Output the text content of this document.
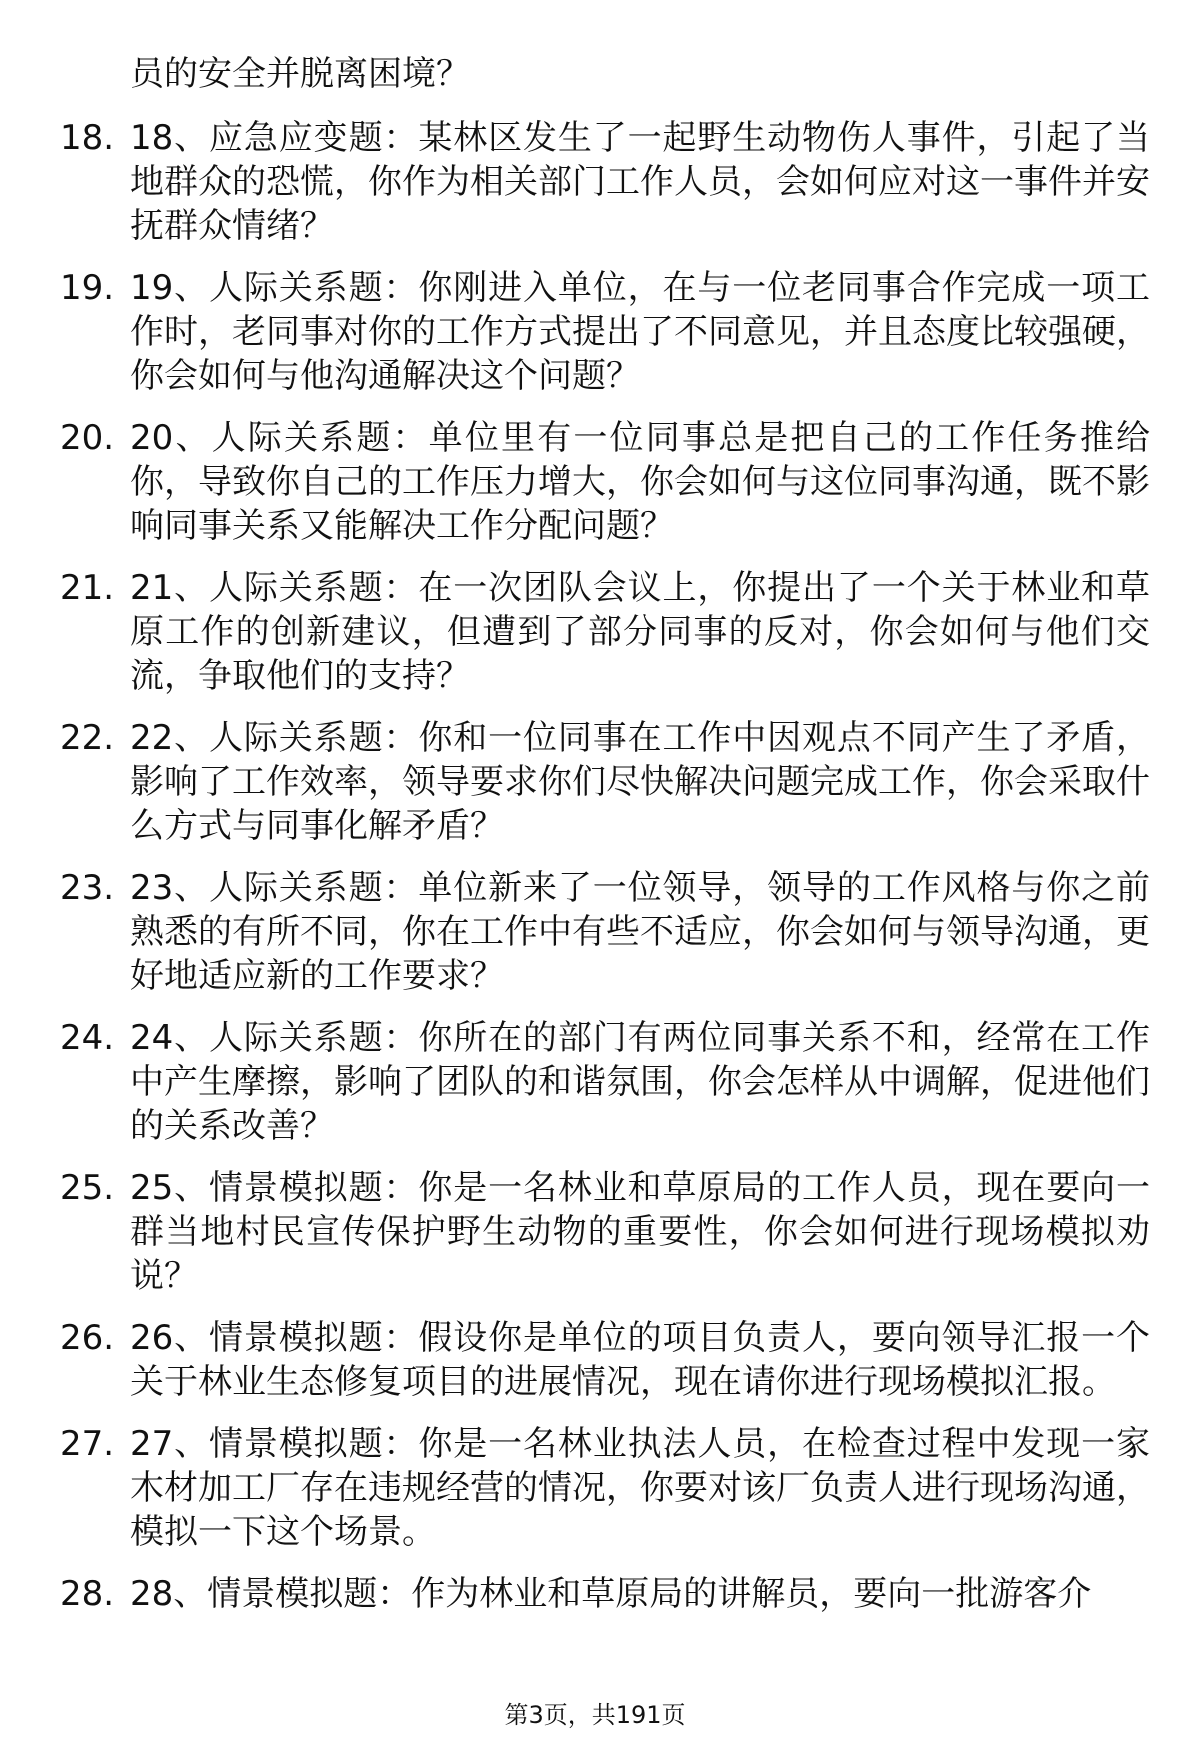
员的安全并脱离困境？
18. 18、应急应变题：某林区发生了一起野生动物伤人事件，引起了当地群众的恐慌，你作为相关部门工作人员，会如何应对这一事件并安抚群众情绪？
19. 19、人际关系题：你刚进入单位，在与一位老同事合作完成一项工作时，老同事对你的工作方式提出了不同意见，并且态度比较强硬，你会如何与他沟通解决这个问题？
20. 20、人际关系题：单位里有一位同事总是把自己的工作任务推给你，导致你自己的工作压力增大，你会如何与这位同事沟通，既不影响同事关系又能解决工作分配问题？
21. 21、人际关系题：在一次团队会议上，你提出了一个关于林业和草原工作的创新建议，但遭到了部分同事的反对，你会如何与他们交流，争取他们的支持？
22. 22、人际关系题：你和一位同事在工作中因观点不同产生了矛盾，影响了工作效率，领导要求你们尽快解决问题完成工作，你会采取什么方式与同事化解矛盾？
23. 23、人际关系题：单位新来了一位领导，领导的工作风格与你之前熟悉的有所不同，你在工作中有些不适应，你会如何与领导沟通，更好地适应新的工作要求？
24. 24、人际关系题：你所在的部门有两位同事关系不和，经常在工作中产生摩擦，影响了团队的和谐氛围，你会怎样从中调解，促进他们的关系改善？
25. 25、情景模拟题：你是一名林业和草原局的工作人员，现在要向一群当地村民宣传保护野生动物的重要性，你会如何进行现场模拟劝说？
26. 26、情景模拟题：假设你是单位的项目负责人，要向领导汇报一个关于林业生态修复项目的进展情况，现在请你进行现场模拟汇报。
27. 27、情景模拟题：你是一名林业执法人员，在检查过程中发现一家木材加工厂存在违规经营的情况，你要对该厂负责人进行现场沟通，模拟一下这个场景。
28. 28、情景模拟题：作为林业和草原局的讲解员，要向一批游客介
第3页，共191页
